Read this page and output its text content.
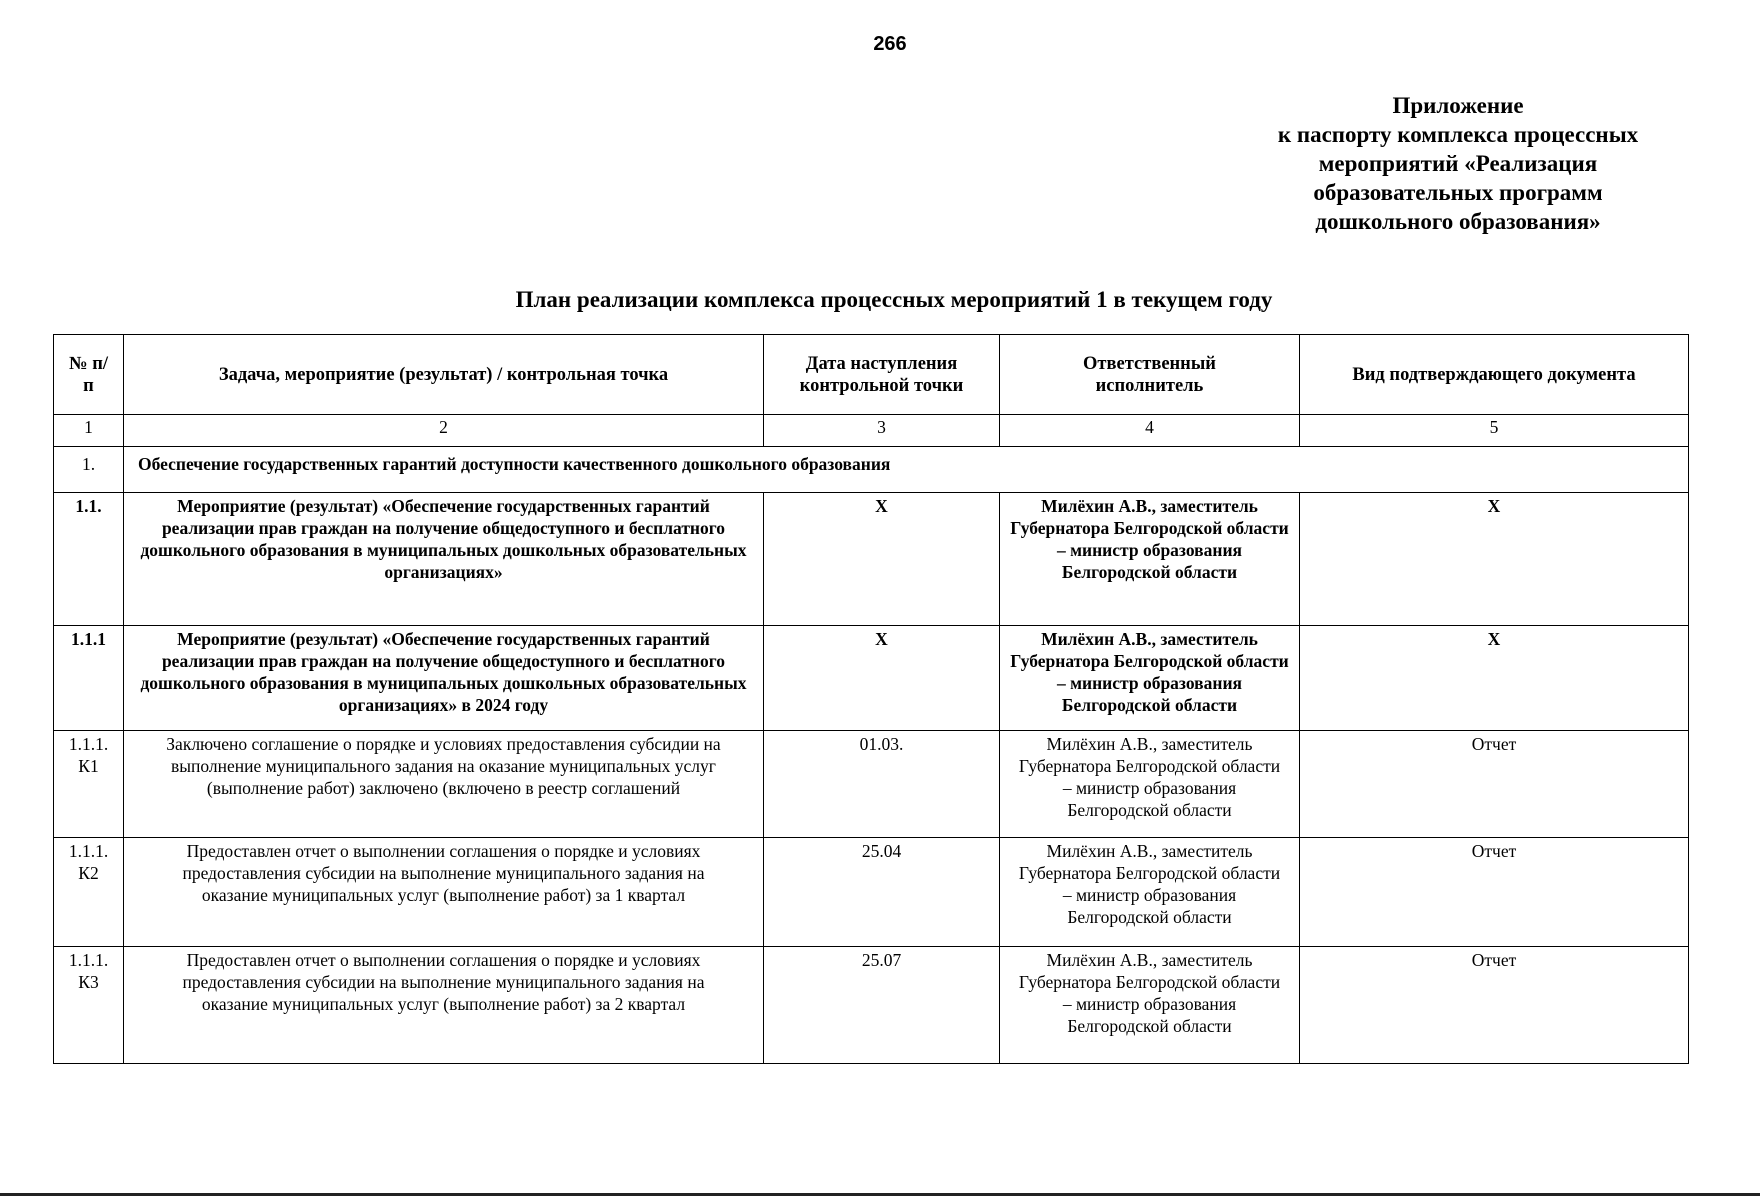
266
Приложение
к паспорту комплекса процессных
мероприятий «Реализация
образовательных программ
дошкольного образования»
План реализации комплекса процессных мероприятий 1 в текущем году
№ п/п	Задача, мероприятие (результат) / контрольная точка	Дата наступления контрольной точки	Ответственный исполнитель	Вид подтверждающего документа
1	2	3	4	5
1.	Обеспечение государственных гарантий доступности качественного дошкольного образования			
1.1.	Мероприятие (результат) «Обеспечение государственных гарантий реализации прав граждан на получение общедоступного и бесплатного дошкольного образования в муниципальных дошкольных образовательных организациях»	Х	Милёхин А.В., заместитель Губернатора Белгородской области – министр образования Белгородской области	Х
1.1.1	Мероприятие (результат) «Обеспечение государственных гарантий реализации прав граждан на получение общедоступного и бесплатного дошкольного образования в муниципальных дошкольных образовательных организациях» в 2024 году	Х	Милёхин А.В., заместитель Губернатора Белгородской области – министр образования Белгородской области	Х
1.1.1. К1	Заключено соглашение о порядке и условиях предоставления субсидии на выполнение муниципального задания на оказание муниципальных услуг (выполнение работ) заключено (включено в реестр соглашений	01.03.	Милёхин А.В., заместитель Губернатора Белгородской области – министр образования Белгородской области	Отчет
1.1.1. К2	Предоставлен отчет о выполнении соглашения о порядке и условиях предоставления субсидии на выполнение муниципального задания на оказание муниципальных услуг (выполнение работ) за 1 квартал	25.04	Милёхин А.В., заместитель Губернатора Белгородской области – министр образования Белгородской области	Отчет
1.1.1. К3	Предоставлен отчет о выполнении соглашения о порядке и условиях предоставления субсидии на выполнение муниципального задания на оказание муниципальных услуг (выполнение работ) за 2 квартал	25.07	Милёхин А.В., заместитель Губернатора Белгородской области – министр образования Белгородской области	Отчет
